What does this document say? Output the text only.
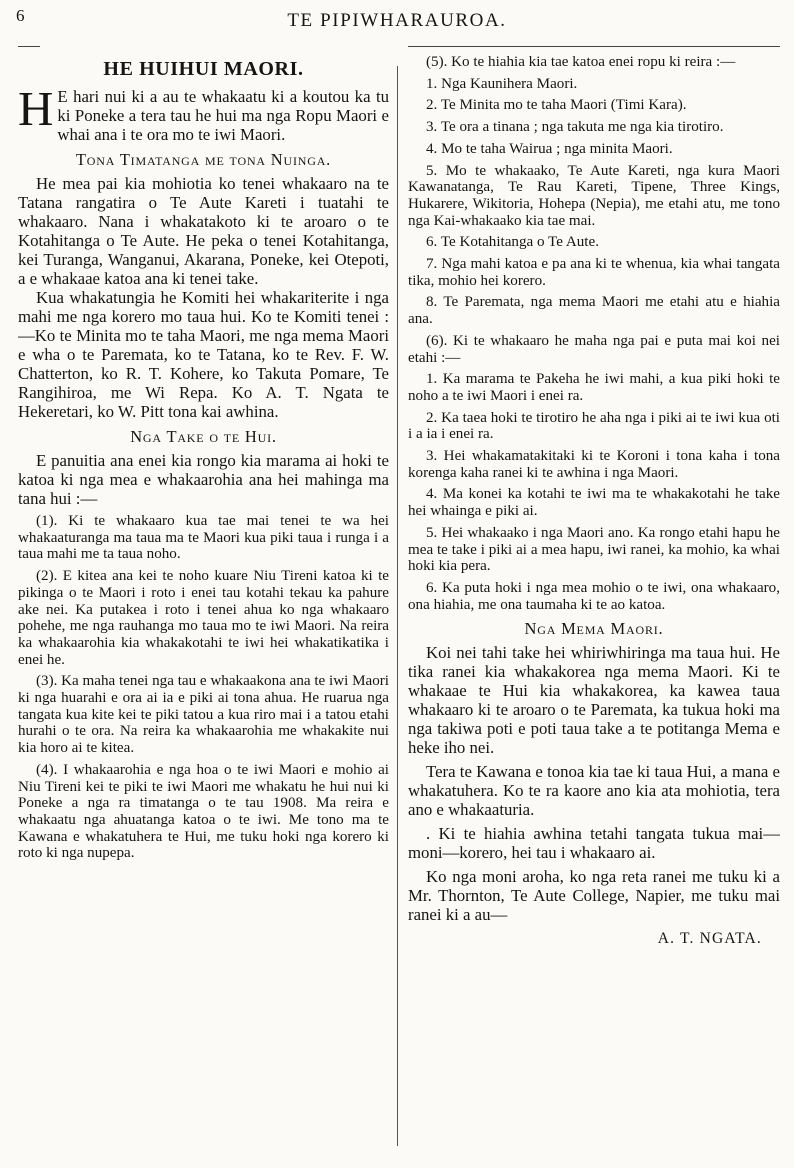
6	TE PIPIWHARAUROA.
HE HUIHUI MAORI.

H E hari nui ki a au te whakaatu ki a koutou ka tu ki Poneke a tera tau he hui ma nga Ropu Maori e whai ana i te ora mo te iwi Maori.

Tona Timatanga me tona Nuinga.

He mea pai kia mohiotia ko tenei whakaaro na te Tatana rangatira o Te Aute Kareti i tuatahi te whakaaro. Nana i whakatakoto ki te aroaro o te Kotahitanga o Te Aute. He peka o tenei Kotahitanga, kei Turanga, Wanganui, Akarana, Poneke, kei Otepoti, a e whakaae katoa ana ki tenei take.

Kua whakatungia he Komiti hei whakariterite i nga mahi me nga korero mo taua hui. Ko te Komiti tenei :—Ko te Minita mo te taha Maori, me nga mema Maori e wha o te Paremata, ko te Tatana, ko te Rev. F. W. Chatterton, ko R. T. Kohere, ko Takuta Pomare, Te Rangihiroa, me Wi Repa. Ko A. T. Ngata te Hekeretari, ko W. Pitt tona kai awhina.

Nga Take o te Hui.

E panuitia ana enei kia rongo kia marama ai hoki te katoa ki nga mea e whakaarohia ana hei mahinga ma tana hui :—

(1). Ki te whakaaro kua tae mai tenei te wa hei whakaaturanga ma taua ma te Maori kua piki taua i runga i a taua mahi me ta taua noho.

(2). E kitea ana kei te noho kuare Niu Tireni katoa ki te pikinga o te Maori i roto i enei tau kotahi tekau ka pahure ake nei. Ka putakea i roto i tenei ahua ko nga whakaaro pohehe, me nga rauhanga mo taua mo te iwi Maori. Na reira ka whakaarohia kia whakakotahi te iwi hei whakatikatika i enei he.

(3). Ka maha tenei nga tau e whakaakona ana te iwi Maori ki nga huarahi e ora ai ia e piki ai tona ahua. He ruarua nga tangata kua kite kei te piki tatou a kua riro mai i a tatou etahi hurahi o te ora. Na reira ka whakaarohia me whakakite nui kia horo ai te kitea.

(4). I whakaarohia e nga hoa o te iwi Maori e mohio ai Niu Tireni kei te piki te iwi Maori me whakatu he hui nui ki Poneke a nga ra timatanga o te tau 1908. Ma reira e whakaatu nga ahuatanga katoa o te iwi. Me tono ma te Kawana e whakatuhera te Hui, me tuku hoki nga korero ki roto ki nga nupepa.

(5). Ko te hiahia kia tae katoa enei ropu ki reira :—

1. Nga Kaunihera Maori.

2. Te Minita mo te taha Maori (Timi Kara).

3. Te ora a tinana ; nga takuta me nga kia tirotiro.

4. Mo te taha Wairua ; nga minita Maori.

5. Mo te whakaako, Te Aute Kareti, nga kura Maori Kawanatanga, Te Rau Kareti, Tipene, Three Kings, Hukarere, Wikitoria, Hohepa (Nepia), me etahi atu, me tono nga Kai-whakaako kia tae mai.

6. Te Kotahitanga o Te Aute.

7. Nga mahi katoa e pa ana ki te whenua, kia whai tangata tika, mohio hei korero.

8. Te Paremata, nga mema Maori me etahi atu e hiahia ana.

(6). Ki te whakaaro he maha nga pai e puta mai koi nei etahi :—

1. Ka marama te Pakeha he iwi mahi, a kua piki hoki te noho a te iwi Maori i enei ra.

2. Ka taea hoki te tirotiro he aha nga i piki ai te iwi kua oti i a ia i enei ra.

3. Hei whakamatakitaki ki te Koroni i tona kaha i tona korenga kaha ranei ki te awhina i nga Maori.

4. Ma konei ka kotahi te iwi ma te whakakotahi he take hei whainga e piki ai.

5. Hei whakaako i nga Maori ano. Ka rongo etahi hapu he mea te take i piki ai a mea hapu, iwi ranei, ka mohio, ka whai hoki kia pera.

6. Ka puta hoki i nga mea mohio o te iwi, ona whakaaro, ona hiahia, me ona taumaha ki te ao katoa.

Nga Mema Maori.

Koi nei tahi take hei whiriwhiringa ma taua hui. He tika ranei kia whakakorea nga mema Maori. Ki te whakaae te Hui kia whakakorea, ka kawea taua whakaaro ki te aroaro o te Paremata, ka tukua hoki ma nga takiwa poti e poti taua take a te potitanga Mema e heke iho nei.

Tera te Kawana e tonoa kia tae ki taua Hui, a mana e whakatuhera. Ko te ra kaore ano kia ata mohiotia, tera ano e whakaaturia.

. Ki te hiahia awhina tetahi tangata tukua mai—moni—korero, hei tau i whakaaro ai.

Ko nga moni aroha, ko nga reta ranei me tuku ki a Mr. Thornton, Te Aute College, Napier, me tuku mai ranei ki a au—

A. T. NGATA.
